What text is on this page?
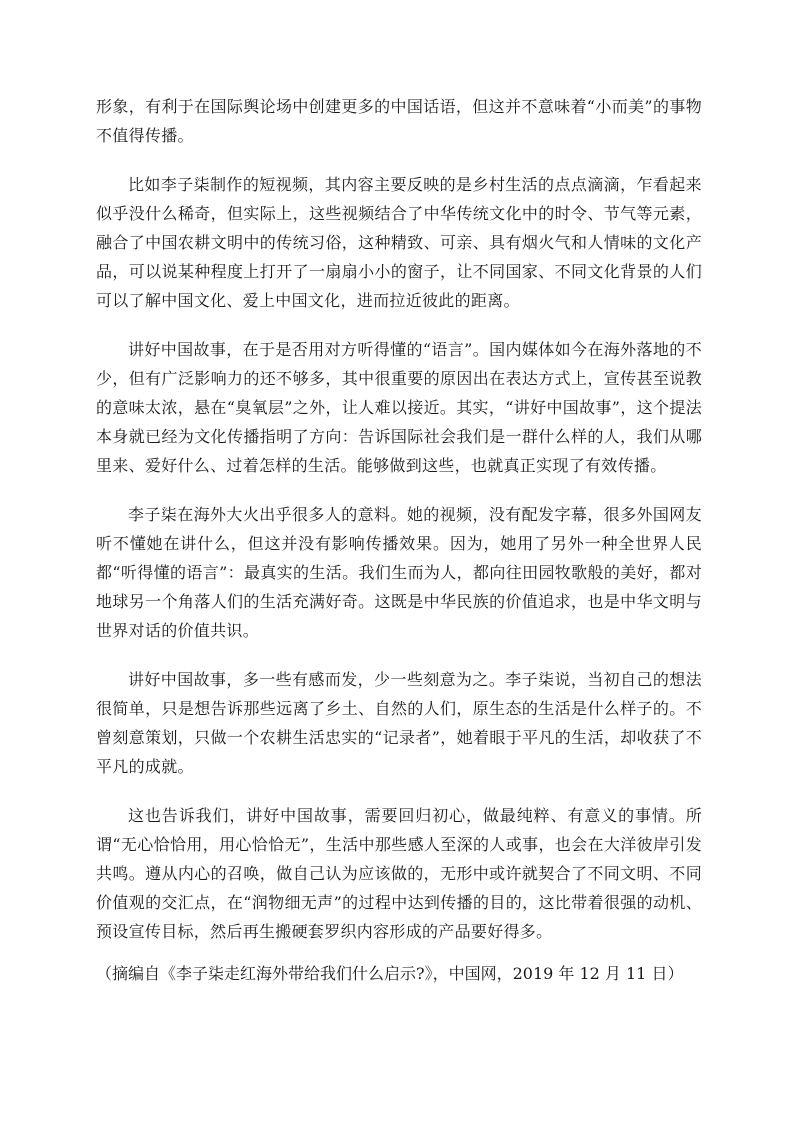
形象，有利于在国际舆论场中创建更多的中国话语，但这并不意味着“小而美”的事物不值得传播。

比如李子柒制作的短视频，其内容主要反映的是乡村生活的点点滴滴，乍看起来似乎没什么稀奇，但实际上，这些视频结合了中华传统文化中的时令、节气等元素，融合了中国农耕文明中的传统习俗，这种精致、可亲、具有烟火气和人情味的文化产品，可以说某种程度上打开了一扇扇小小的窗子，让不同国家、不同文化背景的人们可以了解中国文化、爱上中国文化，进而拉近彼此的距离。

讲好中国故事，在于是否用对方听得懂的“语言”。国内媒体如今在海外落地的不少，但有广泛影响力的还不够多，其中很重要的原因出在表达方式上，宣传甚至说教的意味太浓，悬在“臭氧层”之外，让人难以接近。其实，“讲好中国故事”，这个提法本身就已经为文化传播指明了方向：告诉国际社会我们是一群什么样的人，我们从哪里来、爱好什么、过着怎样的生活。能够做到这些，也就真正实现了有效传播。

李子柒在海外大火出乎很多人的意料。她的视频，没有配发字幕，很多外国网友听不懂她在讲什么，但这并没有影响传播效果。因为，她用了另外一种全世界人民都“听得懂的语言”：最真实的生活。我们生而为人，都向往田园牧歌般的美好，都对地球另一个角落人们的生活充满好奇。这既是中华民族的价值追求，也是中华文明与世界对话的价值共识。

讲好中国故事，多一些有感而发，少一些刻意为之。李子柒说，当初自己的想法很简单，只是想告诉那些远离了乡土、自然的人们，原生态的生活是什么样子的。不曾刻意策划，只做一个农耕生活忠实的“记录者”，她着眼于平凡的生活，却收获了不平凡的成就。

这也告诉我们，讲好中国故事，需要回归初心，做最纯粹、有意义的事情。所谓“无心恰恰用，用心恰恰无”，生活中那些感人至深的人或事，也会在大洋彼岸引发共鸣。遵从内心的召唤，做自己认为应该做的，无形中或许就契合了不同文明、不同价值观的交汇点，在“润物细无声”的过程中达到传播的目的，这比带着很强的动机、预设宣传目标，然后再生搬硬套罗织内容形成的产品要好得多。

（摘编自《李子柒走红海外带给我们什么启示?》，中国网，2019 年 12 月 11 日）
